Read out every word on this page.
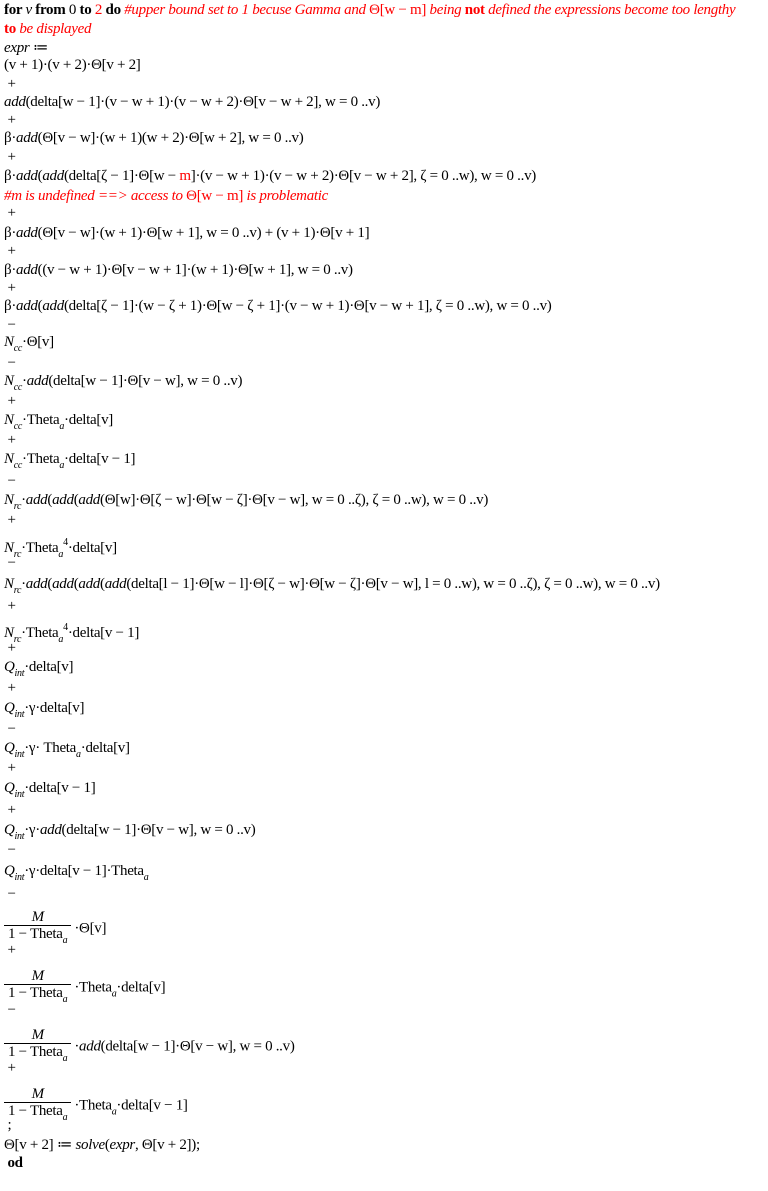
for v from 0 to 2 do #upper bound set to 1 becuse Gamma and Θ[w − m] being not defined the expressions become too lengthy
to be displayed
expr ≔
(v + 1)·(v + 2)·Θ[v + 2]
+
add(delta[w − 1]·(v − w + 1)·(v − w + 2)·Θ[v − w + 2], w = 0 ..v)
+
β·add(Θ[v − w]·(w + 1)(w + 2)·Θ[w + 2], w = 0 ..v)
+
β·add(add(delta[ζ − 1]·Θ[w − m]·(v − w + 1)·(v − w + 2)·Θ[v − w + 2], ζ = 0 ..w), w = 0 ..v)
#m is undefined ==> access to Θ[w − m] is problematic
+
β·add(Θ[v − w]·(w + 1)·Θ[w + 1], w = 0 ..v) + (v + 1)·Θ[v + 1]
+
β·add((v − w + 1)·Θ[v − w + 1]·(w + 1)·Θ[w + 1], w = 0 ..v)
+
β·add(add(delta[ζ − 1]·(w − ζ + 1)·Θ[w − ζ + 1]·(v − w + 1)·Θ[v − w + 1], ζ = 0 ..w), w = 0 ..v)
−
$N_{cc}\cdot\Theta[v]$
−
$N_{cc}\cdot add(delta[w - 1]\cdot\Theta[v - w]$, w = 0 ..v)
+
$N_{cc}\cdot Theta_a\cdot delta[v]$
+
$N_{cc}\cdot Theta_a\cdot delta[v - 1]$
−
$N_{rc}\cdot add(add(add(\Theta[w]\cdot\Theta[\zeta - w]\cdot\Theta[w - \zeta]\cdot\Theta[v - w]$, w = 0 ..ζ), ζ = 0 ..w), w = 0 ..v)
+
$N_{rc}\cdot Theta_a^4\cdot delta[v]$
−
$N_{rc}\cdot add(add(add(add(delta[l - 1]\cdot\Theta[w - l]\cdot\Theta[\zeta - w]\cdot\Theta[w - \zeta]\cdot\Theta[v - w]$, l = 0 ..w), w = 0 ..ζ), ζ = 0 ..w), w = 0 ..v)
+
$N_{rc}\cdot Theta_a^4\cdot delta[v - 1]$
+
$Q_{int}\cdot delta[v]$
+
$Q_{int}\cdot\gamma\cdot delta[v]$
−
$Q_{int}\cdot\gamma\cdot$ Theta$_a$·delta[v]
+
$Q_{int}\cdot delta[v - 1]$
+
$Q_{int}\cdot\gamma\cdot add(delta[w - 1]\cdot\Theta[v - w]$, w = 0 ..v)
−
$Q_{int}\cdot\gamma\cdot delta[v$ − 1]·Theta$_a$
−
$\frac{M}{1 - Theta_a} \cdot\Theta[v]$
+
$\frac{M}{1 - Theta_a}$ ·Theta$_a$·delta[v]
−
$\frac{M}{1 - Theta_a}$ ·add(delta[w − 1]·Θ[v − w], w = 0 ..v)
+
$\frac{M}{1 - Theta_a}$ ·Theta$_a$·delta[v − 1]
;
Θ[v + 2] ≔ solve(expr, Θ[v + 2]);
od
